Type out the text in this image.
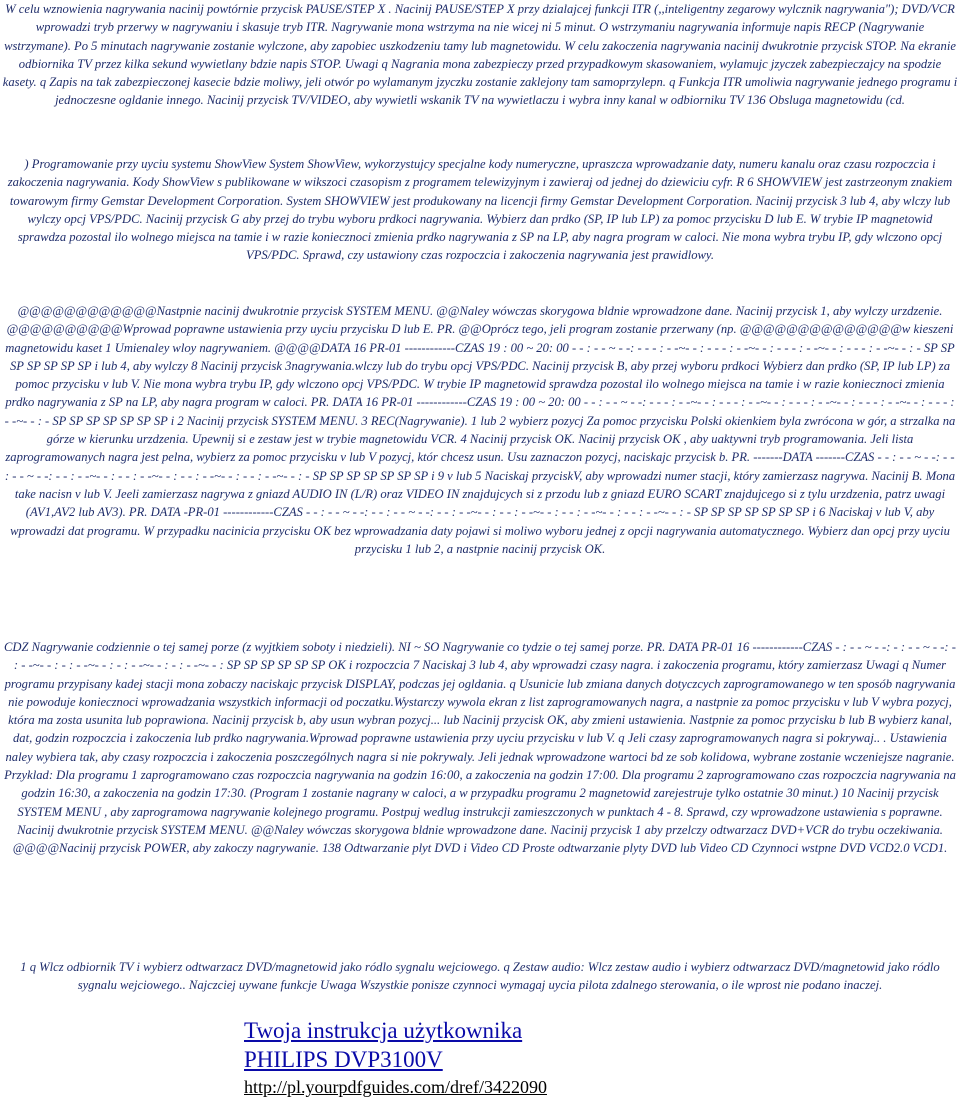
W celu wznowienia nagrywania nacinij powtórnie przycisk PAUSE/STEP X . Nacinij PAUSE/STEP X przy dzialajcej funkcji ITR (,,inteligentny zegarowy wylcznik nagrywania"); DVD/VCR wprowadzi tryb przerwy w nagrywaniu i skasuje tryb ITR. Nagrywanie mona wstrzyma na nie wicej ni 5 minut. O wstrzymaniu nagrywania informuje napis RECP (Nagrywanie wstrzymane). Po 5 minutach nagrywanie zostanie wylczone, aby zapobiec uszkodzeniu tamy lub magnetowidu. W celu zakoczenia nagrywania nacinij dwukrotnie przycisk STOP. Na ekranie odbiornika TV przez kilka sekund wywietlany bdzie napis STOP. Uwagi q Nagrania mona zabezpieczy przed przypadkowym skasowaniem, wylamujc jzyczek zabezpieczajcy na spodzie kasety. q Zapis na tak zabezpieczonej kasecie bdzie moliwy, jeli otwór po wylamanym jzyczku zostanie zaklejony tam samoprzylepn. q Funkcja ITR umoliwia nagrywanie jednego programu i jednoczesne ogldanie innego. Nacinij przycisk TV/VIDEO, aby wywietli wskanik TV na wywietlaczu i wybra inny kanal w odbiorniku TV 136 Obsluga magnetowidu (cd.

) Programowanie przy uyciu systemu ShowView System ShowView, wykorzystujcy specjalne kody numeryczne, upraszcza wprowadzanie daty, numeru kanalu oraz czasu rozpoczcia i zakoczenia nagrywania. Kody ShowView s publikowane w wikszoci czasopism z programem telewizyjnym i zawieraj od jednej do dziewiciu cyfr. R 6 SHOWVIEW jest zastrzeonym znakiem towarowym firmy Gemstar Development Corporation. System SHOWVIEW jest produkowany na licencji firmy Gemstar Development Corporation. Nacinij przycisk 3 lub 4, aby wlczy lub wylczy opcj VPS/PDC. Nacinij przycisk G aby przej do trybu wyboru prdkoci nagrywania. Wybierz dan prdko (SP, IP lub LP) za pomoc przycisku D lub E. W trybie IP magnetowid sprawdza pozostal ilo wolnego miejsca na tamie i w razie koniecznoci zmienia prdko nagrywania z SP na LP, aby nagra program w caloci. Nie mona wybra trybu IP, gdy wlczono opcj VPS/PDC. Sprawd, czy ustawiony czas rozpoczcia i zakoczenia nagrywania jest prawidlowy.

@@@@@@@@@@@@Nastpnie nacinij dwukrotnie przycisk SYSTEM MENU. @@Naley wówczas skorygowa bldnie wprowadzone dane. Nacinij przycisk 1, aby wylczy urzdzenie. @@@@@@@@@@Wprowad poprawne ustawienia przy uyciu przycisku D lub E. PR. @@Oprócz tego, jeli program zostanie przerwany (np. @@@@@@@@@@@@@@w kieszeni magnetowidu kaset 1 Umienaley wloy nagrywaniem. @@@@DATA 16 PR-01 ------------CZAS 19 : 00 ~ 20: 00 - - : - - ~ - -: - - - : - -~- - : - - - : - -~- - : - - - : - -~- - : - - - : - -~- - : - SP SP SP SP SP SP SP i lub 4, aby wylczy 8 Nacinij przycisk 3nagrywania.wlczy lub do trybu opcj VPS/PDC. Nacinij przycisk B, aby przej wyboru prdkoci Wybierz dan prdko (SP, IP lub LP) za pomoc przycisku v lub V. Nie mona wybra trybu IP, gdy wlczono opcj VPS/PDC. W trybie IP magnetowid sprawdza pozostal ilo wolnego miejsca na tamie i w razie koniecznoci zmienia prdko nagrywania z SP na LP, aby nagra program w caloci. PR. DATA 16 PR-01 ------------CZAS 19 : 00 ~ 20: 00 - - : - - ~ - -: - - - : - -~- - : - - - : - -~- - : - - - : - -~- - : - - - : - -~- - : - - - : - -~- - : - SP SP SP SP SP SP SP i 2 Nacinij przycisk SYSTEM MENU. 3 REC(Nagrywanie). 1 lub 2 wybierz pozycj Za pomoc przycisku Polski okienkiem byla zwrócona w gór, a strzalka na górze w kierunku urzdzenia. Upewnij si e zestaw jest w trybie magnetowidu VCR. 4 Nacinij przycisk OK. Nacinij przycisk OK , aby uaktywni tryb programowania. Jeli lista zaprogramowanych nagra jest pelna, wybierz za pomoc przycisku v lub V pozycj, któr chcesz usun. Usu zaznaczon pozycj, naciskajc przycisk b. PR. -------DATA -------CZAS - - : - - ~ - -: - - : - - ~ - -: - - : - -~- - : - - : - -~- - : - - : - -~- - : - - : - -~- - : - SP SP SP SP SP SP SP i 9 v lub 5 Naciskaj przyciskV, aby wprowadzi numer stacji, który zamierzasz nagrywa. Nacinij B. Mona take nacisn v lub V. Jeeli zamierzasz nagrywa z gniazd AUDIO IN (L/R) oraz VIDEO IN znajdujcych si z przodu lub z gniazd EURO SCART znajdujcego si z tylu urzdzenia, patrz uwagi (AV1,AV2 lub AV3). PR. DATA -PR-01 ------------CZAS - - : - - ~ - -: - - : - - ~ - -: - - : - -~- - : - - : - -~- - : - - : - -~- - : - - : - -~- - : - SP SP SP SP SP SP SP i 6 Naciskaj v lub V, aby wprowadzi dat programu. W przypadku nacinicia przycisku OK bez wprowadzania daty pojawi si moliwo wyboru jednej z opcji nagrywania automatycznego. Wybierz dan opcj przy uyciu przycisku 1 lub 2, a nastpnie nacinij przycisk OK.

CDZ Nagrywanie codziennie o tej samej porze (z wyjtkiem soboty i niedzieli). NI ~ SO Nagrywanie co tydzie o tej samej porze. PR. DATA PR-01 16 ------------CZAS - : - - ~ - -: - : - - ~ - -: - : - -~- - : - : - -~- - : - : - -~- - : - : - -~- - : SP SP SP SP SP SP OK i rozpoczcia 7 Naciskaj 3 lub 4, aby wprowadzi czasy nagra. i zakoczenia programu, który zamierzasz Uwagi q Numer programu przypisany kadej stacji mona zobaczy naciskajc przycisk DISPLAY, podczas jej ogldania. q Usunicie lub zmiana danych dotyczcych zaprogramowanego w ten sposób nagrywania nie powoduje koniecznoci wprowadzania wszystkich informacji od poczatku.Wystarczy wywola ekran z list zaprogramowanych nagra, a nastpnie za pomoc przycisku v lub V wybra pozycj, która ma zosta usunita lub poprawiona. Nacinij przycisk b, aby usun wybran pozycj... lub Nacinij przycisk OK, aby zmieni ustawienia. Nastpnie za pomoc przycisku b lub B wybierz kanal, dat, godzin rozpoczcia i zakoczenia lub prdko nagrywania.Wprowad poprawne ustawienia przy uyciu przycisku v lub V. q Jeli czasy zaprogramowanych nagra si pokrywaj.. . Ustawienia naley wybiera tak, aby czasy rozpoczcia i zakoczenia poszczególnych nagra si nie pokrywaly. Jeli jednak wprowadzone wartoci bd ze sob kolidowa, wybrane zostanie wczeniejsze nagranie. Przyklad: Dla programu 1 zaprogramowano czas rozpoczcia nagrywania na godzin 16:00, a zakoczenia na godzin 17:00. Dla programu 2 zaprogramowano czas rozpoczcia nagrywania na godzin 16:30, a zakoczenia na godzin 17:30. (Program 1 zostanie nagrany w caloci, a w przypadku programu 2 magnetowid zarejestruje tylko ostatnie 30 minut.) 10 Nacinij przycisk SYSTEM MENU , aby zaprogramowa nagrywanie kolejnego programu. Postpuj wedlug instrukcji zamieszczonych w punktach 4 - 8. Sprawd, czy wprowadzone ustawienia s poprawne. Nacinij dwukrotnie przycisk SYSTEM MENU. @@Naley wówczas skorygowa bldnie wprowadzone dane. Nacinij przycisk 1 aby przelczy odtwarzacz DVD+VCR do trybu oczekiwania. @@@@Nacinij przycisk POWER, aby zakoczy nagrywanie. 138 Odtwarzanie plyt DVD i Video CD Proste odtwarzanie plyty DVD lub Video CD Czynnoci wstpne DVD VCD2.0 VCD1.

1 q Wlcz odbiornik TV i wybierz odtwarzacz DVD/magnetowid jako ródlo sygnalu wejciowego. q Zestaw audio: Wlcz zestaw audio i wybierz odtwarzacz DVD/magnetowid jako ródlo sygnalu wejciowego.. Najczciej uywane funkcje Uwaga Wszystkie ponisze czynnoci wymagaj uycia pilota zdalnego sterowania, o ile wprost nie podano inaczej.

Twoja instrukcja użytkownika
PHILIPS DVP3100V
http://pl.yourpdfguides.com/dref/3422090
